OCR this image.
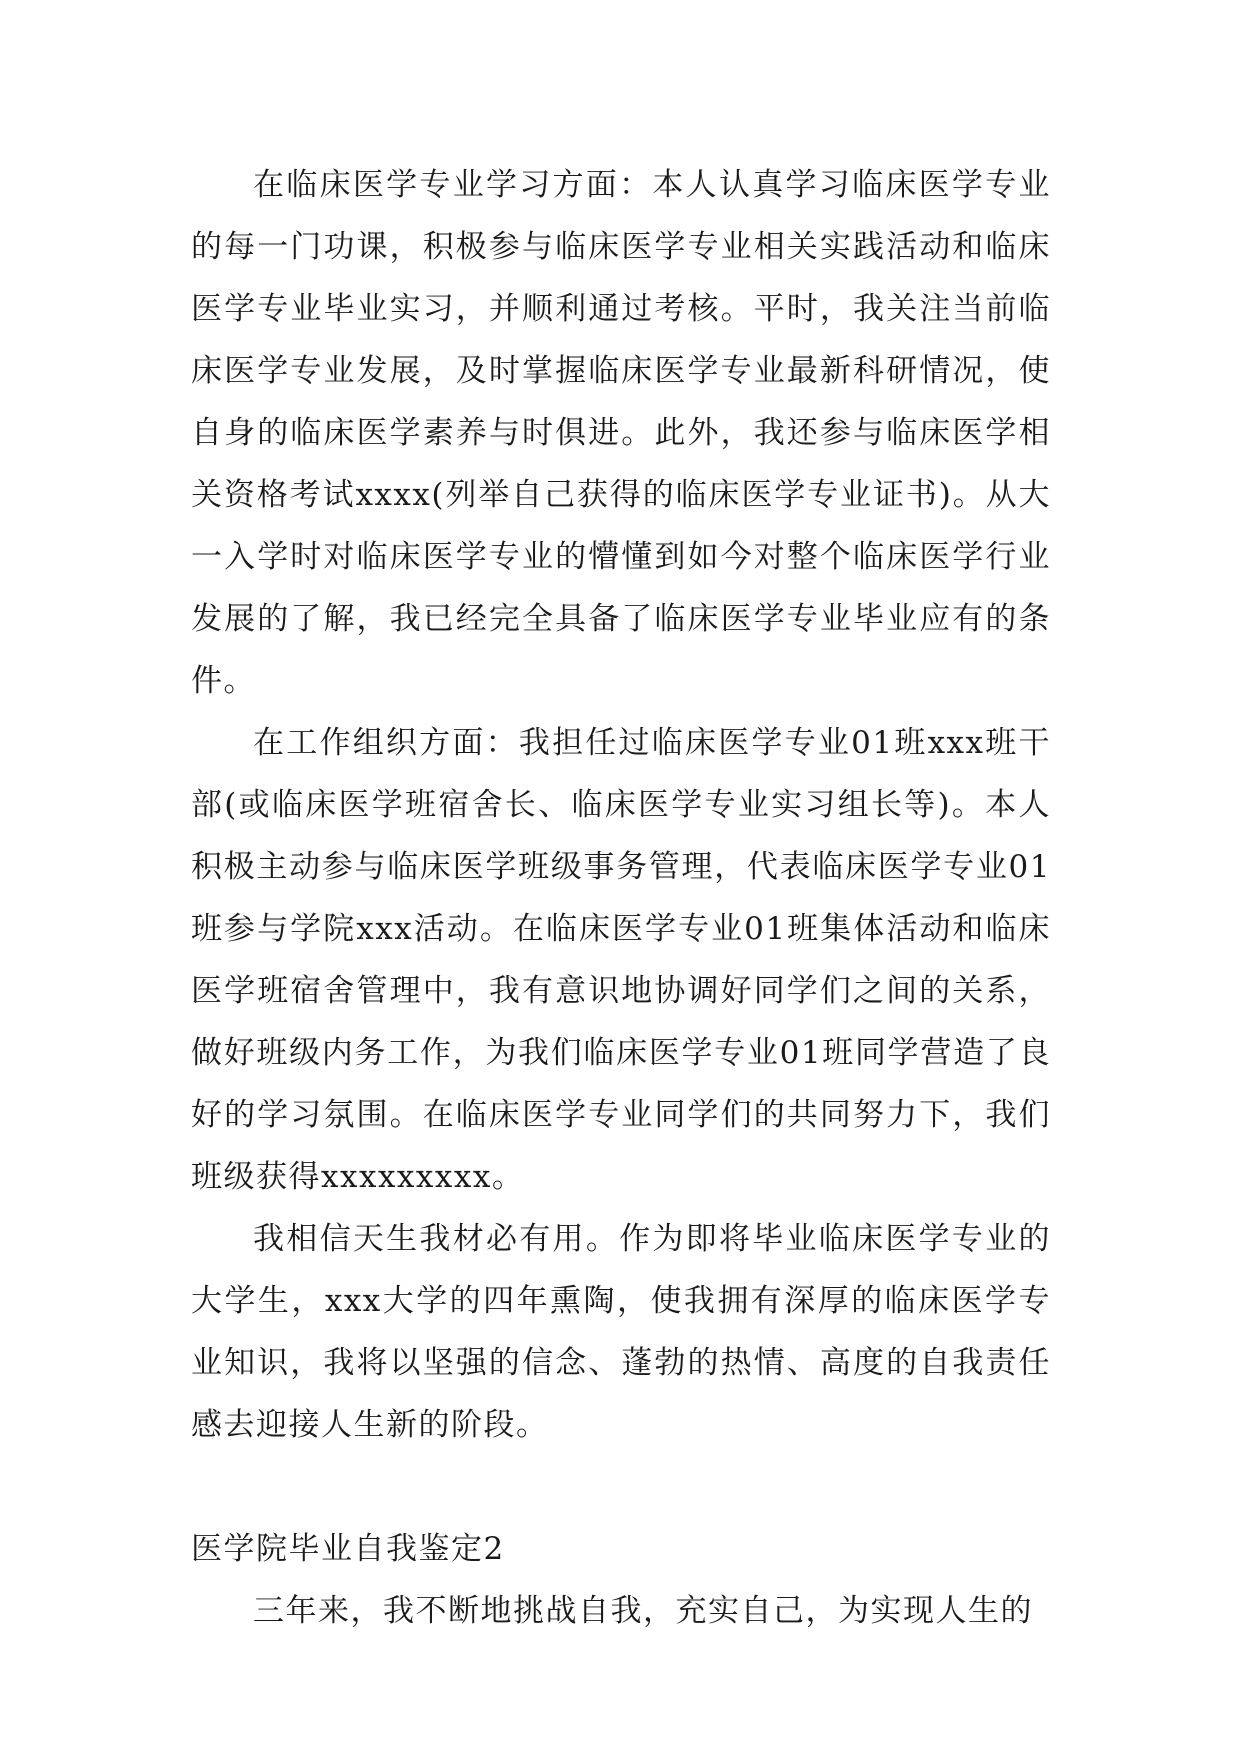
在临床医学专业学习方面：本人认真学习临床医学专业的每一门功课，积极参与临床医学专业相关实践活动和临床医学专业毕业实习，并顺利通过考核。平时，我关注当前临床医学专业发展，及时掌握临床医学专业最新科研情况，使自身的临床医学素养与时俱进。此外，我还参与临床医学相关资格考试xxxx(列举自己获得的临床医学专业证书)。从大一入学时对临床医学专业的懵懂到如今对整个临床医学行业发展的了解，我已经完全具备了临床医学专业毕业应有的条件。

在工作组织方面：我担任过临床医学专业01班xxx班干部(或临床医学班宿舍长、临床医学专业实习组长等)。本人积极主动参与临床医学班级事务管理，代表临床医学专业01班参与学院xxx活动。在临床医学专业01班集体活动和临床医学班宿舍管理中，我有意识地协调好同学们之间的关系，做好班级内务工作，为我们临床医学专业01班同学营造了良好的学习氛围。在临床医学专业同学们的共同努力下，我们班级获得xxxxxxxxx。

我相信天生我材必有用。作为即将毕业临床医学专业的大学生，xxx大学的四年熏陶，使我拥有深厚的临床医学专业知识，我将以坚强的信念、蓬勃的热情、高度的自我责任感去迎接人生新的阶段。

医学院毕业自我鉴定2

三年来，我不断地挑战自我，充实自己，为实现人生的
